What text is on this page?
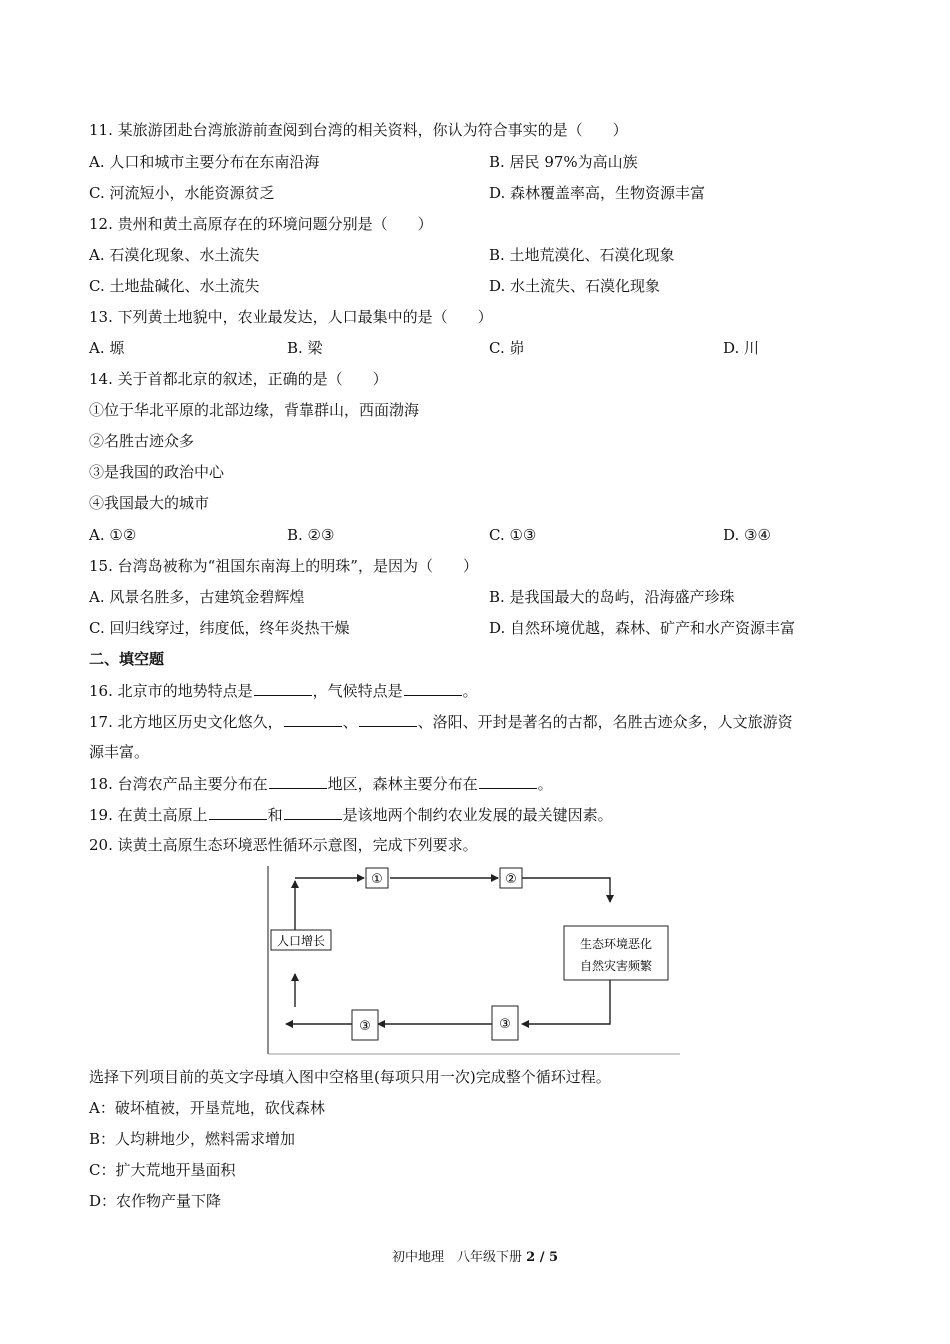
11. 某旅游团赴台湾旅游前查阅到台湾的相关资料，你认为符合事实的是（　　）
A. 人口和城市主要分布在东南沿海	B. 居民 97%为高山族
C. 河流短小，水能资源贫乏	D. 森林覆盖率高，生物资源丰富
12. 贵州和黄土高原存在的环境问题分别是（　　）
A. 石漠化现象、水土流失	B. 土地荒漠化、石漠化现象
C. 土地盐碱化、水土流失	D. 水土流失、石漠化现象
13. 下列黄土地貌中，农业最发达，人口最集中的是（　　）
A. 塬	B. 梁	C. 峁	D. 川
14. 关于首都北京的叙述，正确的是（　　）
①位于华北平原的北部边缘，背靠群山，西面渤海
②名胜古迹众多
③是我国的政治中心
④我国最大的城市
A. ①②	B. ②③	C. ①③	D. ③④
15. 台湾岛被称为“祖国东南海上的明珠”，是因为（　　）
A. 风景名胜多，古建筑金碧辉煌	B. 是我国最大的岛屿，沿海盛产珍珠
C. 回归线穿过，纬度低，终年炎热干燥	D. 自然环境优越，森林、矿产和水产资源丰富
二、填空题
16. 北京市的地势特点是	，气候特点是	。
17. 北方地区历史文化悠久，	、	、洛阳、开封是著名的古都，名胜古迹众多，人文旅游资
源丰富。
18. 台湾农产品主要分布在	地区，森林主要分布在	。
19. 在黄土高原上	和	是该地两个制约农业发展的最关键因素。
20. 读黄土高原生态环境恶性循环示意图，完成下列要求。
①	②
人口增长	生态环境恶化
自然灾害频繁
③	③
选择下列项目前的英文字母填入图中空格里(每项只用一次)完成整个循环过程。
A：破坏植被，开垦荒地，砍伐森林
B：人均耕地少，燃料需求增加
C：扩大荒地开垦面积
D：农作物产量下降
初中地理　八年级下册 2 / 5
